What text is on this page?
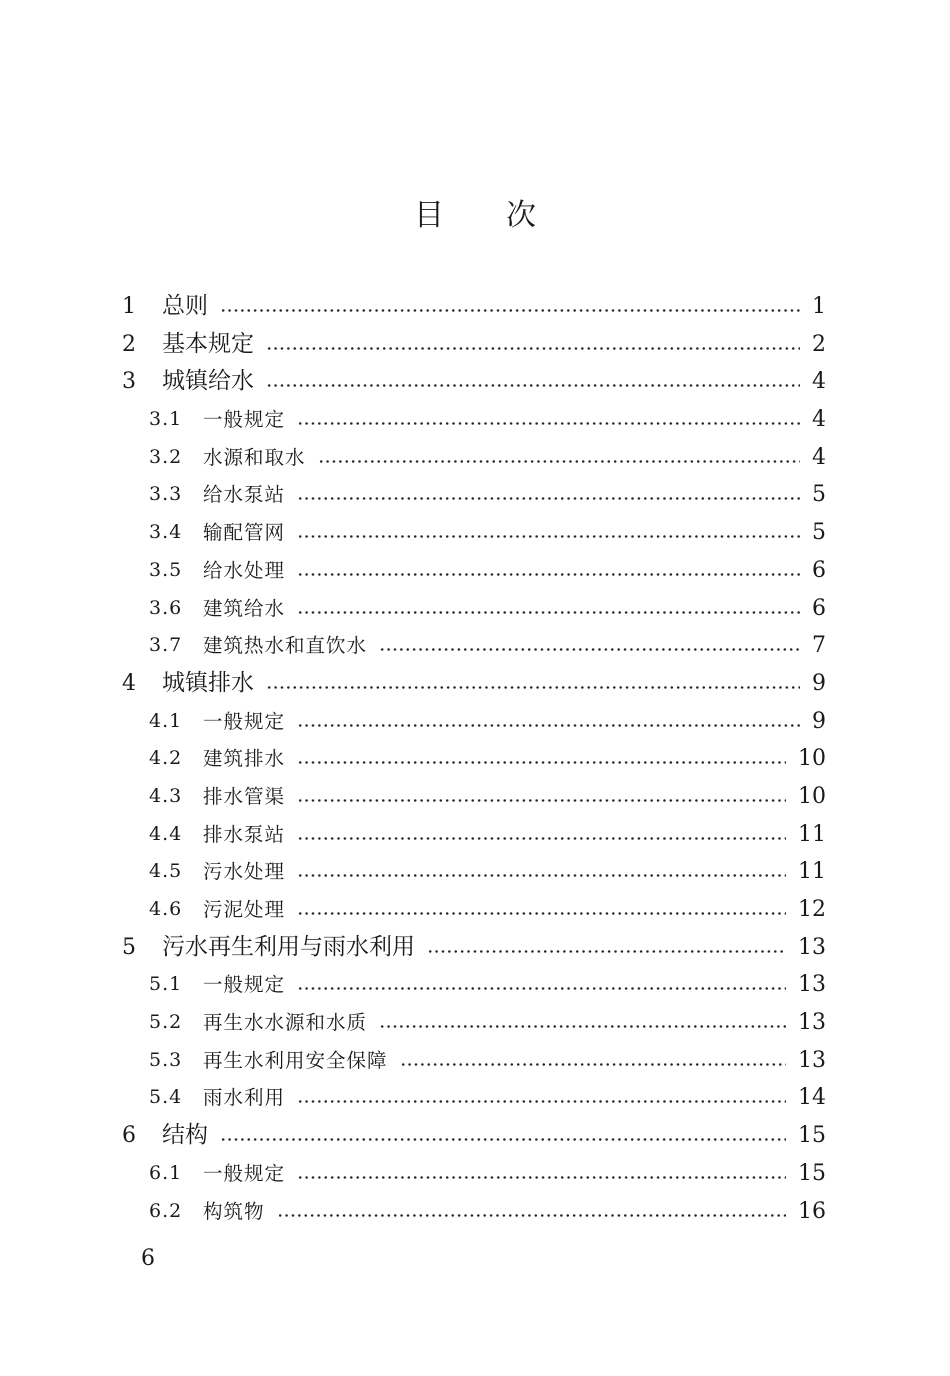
目 次
1 总则	1
2 基本规定	2
3 城镇给水	4
3.1 一般规定	4
3.2 水源和取水	4
3.3 给水泵站	5
3.4 输配管网	5
3.5 给水处理	6
3.6 建筑给水	6
3.7 建筑热水和直饮水	7
4 城镇排水	9
4.1 一般规定	9
4.2 建筑排水	10
4.3 排水管渠	10
4.4 排水泵站	11
4.5 污水处理	11
4.6 污泥处理	12
5 污水再生利用与雨水利用	13
5.1 一般规定	13
5.2 再生水水源和水质	13
5.3 再生水利用安全保障	13
5.4 雨水利用	14
6 结构	15
6.1 一般规定	15
6.2 构筑物	16
6
